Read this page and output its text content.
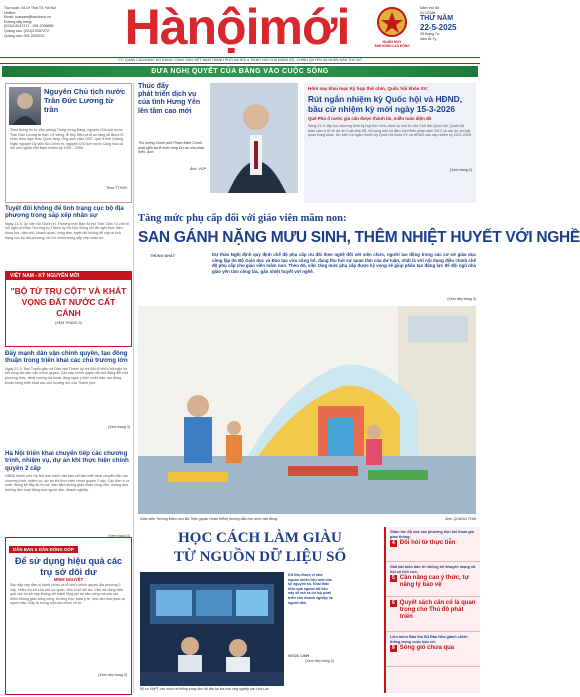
Tòa soạn: 44 Lê Thái Tổ, Hà Nội
Hotline:
Email: toasoan@hanoimoi.vn
Đường dây nóng:
(024)3.8247471 - 091.2038685
Quảng cáo: (024)3.9287272
Quảng cáo: 091.2032432	Hànộimới	HUÂN HUY
ANH HÙNG LAO ĐỘNG
Năm thứ 68
Số 20198
THỨ NĂM
22-5-2025
25 tháng Tư
năm Ất Tỵ
CƠ QUAN CỦA ĐẢNG BỘ ĐẢNG CỘNG SẢN VIỆT NAM THÀNH PHỐ HÀ NỘI ● TIẾNG NÓI CỦA ĐẢNG BỘ, CHÍNH QUYỀN VÀ NHÂN DÂN THỦ ĐÔ
ĐƯA NGHỊ QUYẾT CỦA ĐẢNG VÀO CUỘC SỐNG
Nguyên Chủ tịch nước Trần Đức Lương từ trần
Theo thông tin từ Văn phòng Trung ương Đảng, nguyên Chủ tịch nước Trần Đức Lương từ trần. Lễ viếng, lễ truy điệu và lễ an táng sẽ được tổ chức theo nghi thức Quốc tang. Ông sinh năm 1937, quê ở tỉnh Quảng Ngãi, nguyên Ủy viên Bộ Chính trị, nguyên Chủ tịch nước Cộng hòa xã hội chủ nghĩa Việt Nam nhiệm kỳ 1997 - 2006.
Theo TTXVN
Tuyệt đối không để tình trạng cục bộ địa phương trong sắp xếp nhân sự
Ngày 21-5, Ủy viên Bộ Chính trị, Thường trực Ban Bí thư Trần Cẩm Tú chủ trì hội nghị với Ban Thường vụ Thành ủy Hà Nội. Đồng chí đề nghị thực hiện khoa học, dân chủ, khách quan, công tâm, tuyệt đối không để xảy ra tình trạng cục bộ địa phương, lợi ích nhóm trong sắp xếp nhân sự.
VIỆT NAM - KỶ NGUYÊN MỚI
"BỘ TỨ TRỤ CỘT" VÀ KHÁT VỌNG ĐẤT NƯỚC CẤT CÁNH
(XEM TRANG 3)
Đẩy mạnh dân vận chính quyền, tạo đồng thuận trong triển khai các chủ trương lớn
Ngày 21-5, Ban Tuyên giáo và Dân vận Thành ủy Hà Nội tổ chức hội nghị sơ kết công tác dân vận chính quyền. Các cấp chính quyền đã chủ động đổi mới phương thức, tăng cường đối thoại, lắng nghe ý kiến nhân dân, tạo đồng thuận trong triển khai các chủ trương lớn của Thành phố.
(Xem trang 3)
Hà Nội triển khai chuyển tiếp các chương trình, nhiệm vụ, dự án khi thực hiện chính quyền 2 cấp
UBND thành phố Hà Nội ban hành văn bản chỉ đạo triển khai chuyển tiếp các chương trình, nhiệm vụ, dự án khi thực hiện chính quyền 2 cấp. Các đơn vị rà soát, thống kê đầy đủ hồ sơ, bảo đảm không gián đoạn công việc, không ảnh hưởng đến hoạt động của người dân, doanh nghiệp.
(Xem trang 3)
DÂN BÀN & DÂN ĐÓNG GÓP
Để sử dụng hiệu quả các trụ sở dôi dư
MINH NGUYỆT
Sau sắp xếp đơn vị hành chính và tổ chức chính quyền địa phương 2 cấp, nhiều trụ sở của các cơ quan, đơn vị sẽ dôi dư. Việc sử dụng hiệu quả các trụ sở này không chỉ tránh lãng phí tài sản công mà còn tạo thêm không gian công cộng, trường học, trạm y tế, nhà văn hóa phục vụ người dân. Đây là mong mỏi của nhiều cử tri.
(Xem tiếp trang 3)
Thúc đẩy
phát triển dịch vụ của tình Hưng Yên lên tầm cao mới
Thủ tướng Chính phủ Phạm Minh Chính phát biểu tại lễ khởi công Dự án nhà phát triển. Ảnh:
Ảnh: VGP
Hôm nay khai mạc Kỳ họp thứ chín, Quốc hội khóa XV:
Rút ngắn nhiệm kỳ Quốc hội và HĐND, bầu cử nhiệm kỳ mới ngày 15-3-2026
Quê Phú ổ nước gia cấn được thành tin, miễn toàn diện đô
Sáng 21-5, tiếp tục chương trình kỳ họp thứ chín, dưới sự chủ trì của Chủ tịch Quốc hội, Quốc hội thảo luận ở tổ về dự án Luật sửa đổi, bổ sung một số điều của Hiến pháp năm 2013 và các dự án luật quan trọng khác. Dự kiến rút ngắn nhiệm kỳ Quốc hội khóa XV và HĐND các cấp nhiệm kỳ 2021-2026.
(Xem trang 2)
Tăng mức phụ cấp đối với giáo viên mầm non:
SAN GÁNH NẶNG MƯU SINH, THÊM NHIỆT HUYẾT VỚI NGHỀ
THÙNG NHẤT	Dự thảo Nghị định quy định chế độ phụ cấp ưu đãi theo nghề đối với viên chức, người lao động trong các cơ sở giáo dục công lập do Bộ Giáo dục và Đào tạo vừa công bố, đang thu hút sự quan tâm của dư luận, nhất là với nội dung điều chỉnh chế độ phụ cấp cho giáo viên mầm non. Theo đó, việc tăng mức phụ cấp được kỳ vọng sẽ giúp phần tạo động lực để đội ngũ nhà giáo yên tâm công tác, gắn nhiệt huyết với nghề.
(Xem tiếp trang 3)
Giáo viên Trường Mầm non Bà Triệu (quận Hoàn Kiếm) hướng dẫn học sinh vận động.	Ảnh: QUANG THÁI
HỌC CÁCH LÀM GIÀU
TỪ NGUỒN DỮ LIỆU SỐ
Kỹ sư VNPT cán hành hệ thống trung tâm dữ liệu tại tòa nhà ứng nghiệp các Hòa Lạc
Dữ liệu được ví như nguồn nhiên liệu mới của kỷ nguyên số. Khai thác hiệu quả nguồn dữ liệu này sẽ mở ra cơ hội phát triển cho doanh nghiệp và người dân.
NGỌC LINH
(Xem tiếp trang 3)
Giảm tốc độ của các phương tiện khi tham gia giao thông:
4 Đồi hỏi từ thực tiễn
Giải bài toán dân trí những lời khuyên mạng xã hội có tích cực:
5 Cần nâng cao ý thức, tự nâng lý bảo vệ
6 Quyết sách cấn cổ lá quan trọng cho Thủ đô phát triển
Liên minh Bảo thủ B4 Đảo Nha giành chiến thắng trong cuộc bầu cử:
8 Sóng gió chưa qua
